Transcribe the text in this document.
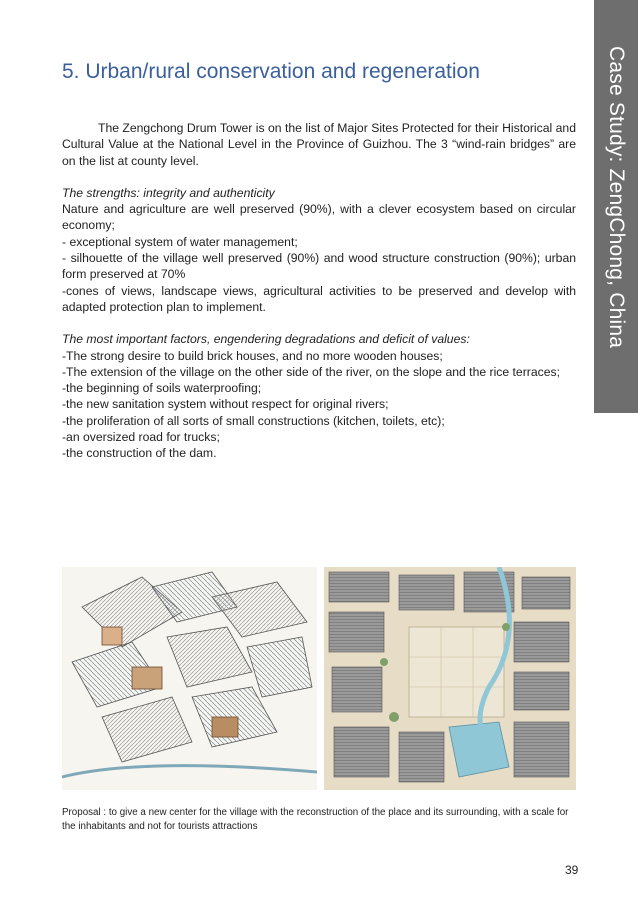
Case Study: ZengChong, China
5. Urban/rural conservation and regeneration

The Zengchong Drum Tower is on the list of Major Sites Protected for their Historical and Cultural Value at the National Level in the Province of Guizhou. The 3 “wind-rain bridges” are on the list at county level.

The strengths: integrity and authenticity

Nature and agriculture are well preserved (90%), with a clever ecosystem based on circular economy;

- exceptional system of water management;

- silhouette of the village well preserved (90%) and wood structure construction (90%); urban form preserved at 70%

-cones of views, landscape views, agricultural activities to be preserved and develop with adapted protection plan to implement.

The most important factors, engendering degradations and deficit of values:

-The strong desire to build brick houses, and no more wooden houses;

-The extension of the village on the other side of the river, on the slope and the rice terraces;

-the beginning of soils waterproofing;

-the new sanitation system without respect for original rivers;

-the proliferation of all sorts of small constructions (kitchen, toilets, etc);

-an oversized road for trucks;

-the construction of the dam.

Proposal : to give a new center for the village with the reconstruction of the place and its surrounding, with a scale for the inhabitants and not for tourists attractions
39
